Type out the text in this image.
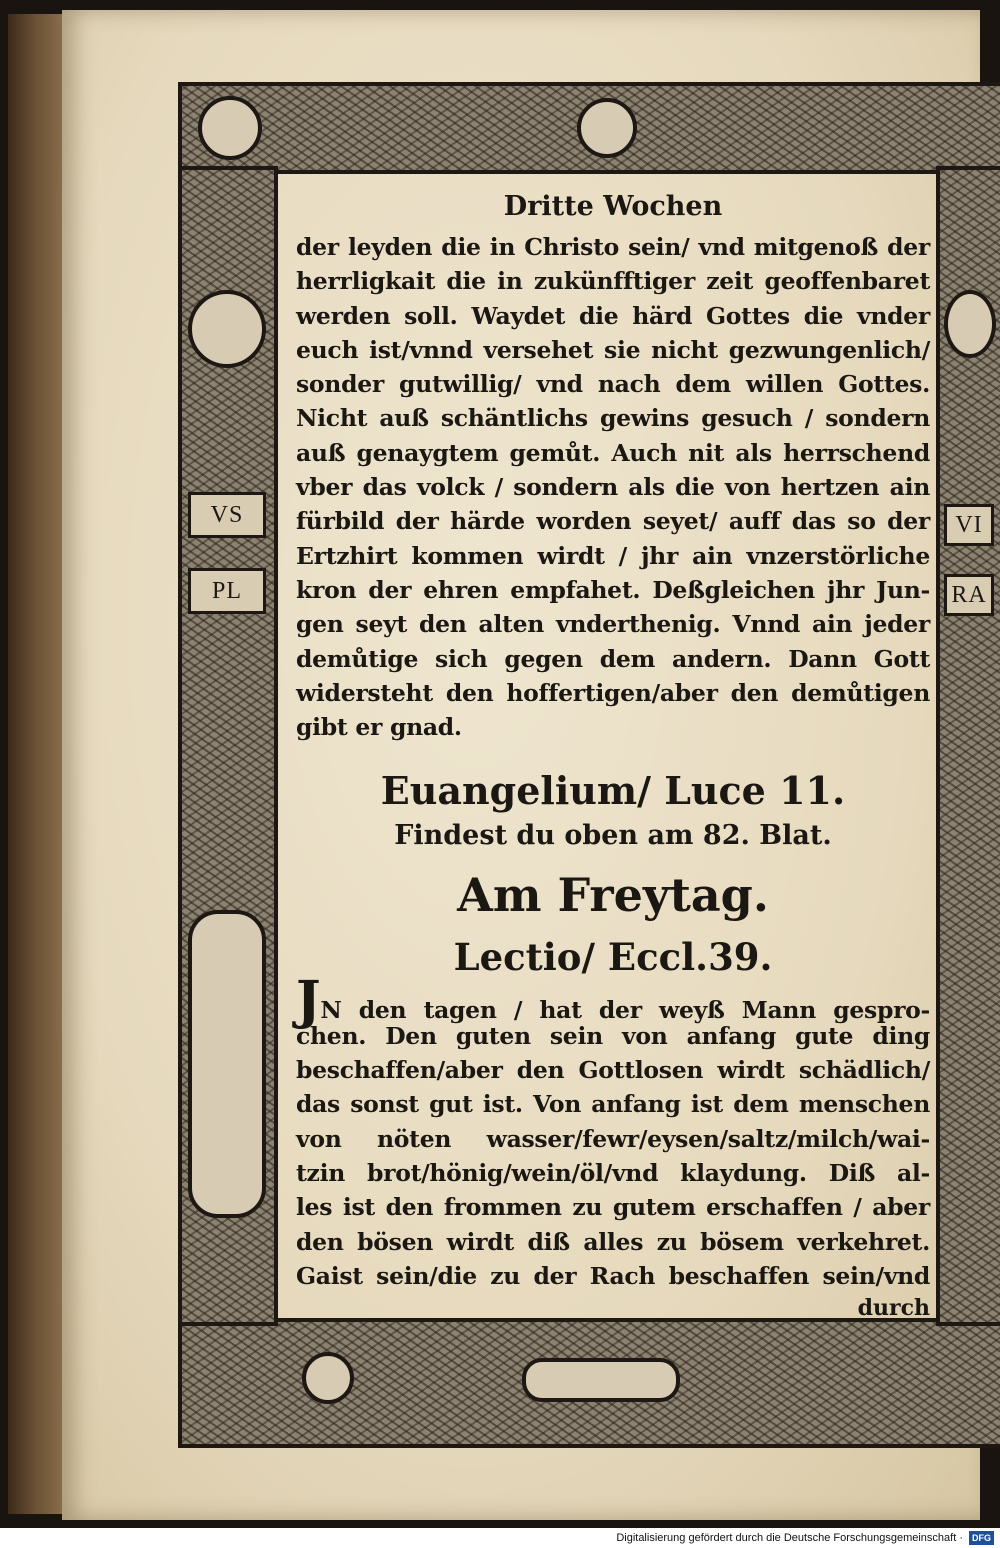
VS
PL
VI
RA
Dritte Wochen
der leyden die in Christo sein/ vnd mitgenoß der
herrligkait die in zukünfftiger zeit geoffenbaret
werden soll. Waydet die härd Gottes die vnder
euch ist/vnnd versehet sie nicht gezwungenlich/
sonder gutwillig/ vnd nach dem willen Gottes.
Nicht auß schäntlichs gewins gesuch / sondern
auß genaygtem gemůt. Auch nit als herrschend
vber das volck / sondern als die von hertzen ain
fürbild der härde worden seyet/ auff das so der
Ertzhirt kommen wirdt / jhr ain vnzerstörliche
kron der ehren empfahet. Deßgleichen jhr Jun-
gen seyt den alten vnderthenig. Vnnd ain jeder
demůtige sich gegen dem andern. Dann Gott
widersteht den hoffertigen/aber den demůtigen
gibt er gnad.
Euangelium/ Luce 11.
Findest du oben am 82. Blat.
Am Freytag.
Lectio/ Eccl.39.
JN den tagen / hat der weyß Mann gespro-
chen. Den guten sein von anfang gute ding
beschaffen/aber den Gottlosen wirdt schädlich/
das sonst gut ist. Von anfang ist dem menschen
von nöten wasser/fewr/eysen/saltz/milch/wai-
tzin brot/hönig/wein/öl/vnd klaydung. Diß al-
les ist den frommen zu gutem erschaffen / aber
den bösen wirdt diß alles zu bösem verkehret.
Gaist sein/die zu der Rach beschaffen sein/vnd
durch
Digitalisierung gefördert durch die Deutsche Forschungsgemeinschaft · DFG
